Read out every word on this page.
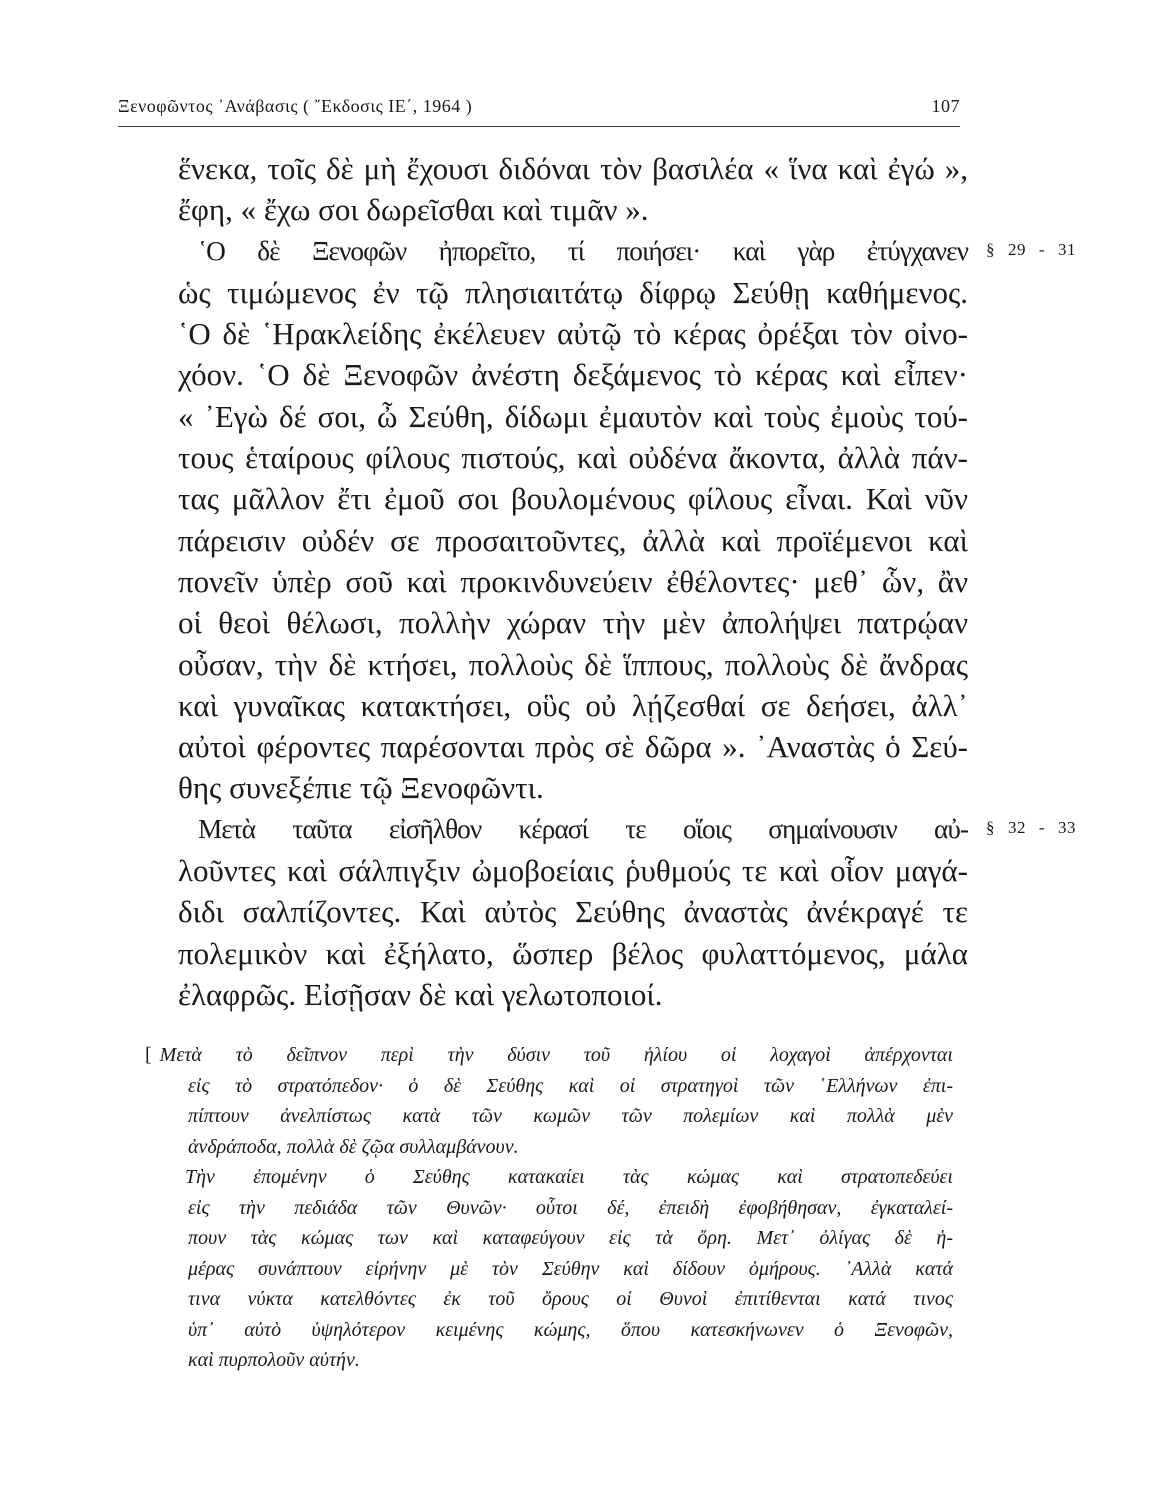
Ξενοφῶντος ᾿Ανάβασις ( ῎Εκδοσις ΙΕ΄, 1964 )	107
ἕνεκα, τοῖς δὲ μὴ ἔχουσι διδόναι τὸν βασιλέα « ἵνα καὶ ἐγώ »,
ἔφη, « ἔχω σοι δωρεῖσθαι καὶ τιμᾶν ».
῾Ο δὲ Ξενοφῶν ἠπορεῖτο, τί ποιήσει· καὶ γὰρ ἐτύγχανεν § 29 - 31
ὡς τιμώμενος ἐν τῷ πλησιαιτάτῳ δίφρῳ Σεύθῃ καθήμενος.
῾Ο δὲ ῾Ηρακλείδης ἐκέλευεν αὐτῷ τὸ κέρας ὀρέξαι τὸν οἰνο-
χόον. ῾Ο δὲ Ξενοφῶν ἀνέστη δεξάμενος τὸ κέρας καὶ εἶπεν·
« ᾿Εγὼ δέ σοι, ὦ Σεύθη, δίδωμι ἐμαυτὸν καὶ τοὺς ἐμοὺς τού-
τους ἑταίρους φίλους πιστούς, καὶ οὐδένα ἄκοντα, ἀλλὰ πάν-
τας μᾶλλον ἔτι ἐμοῦ σοι βουλομένους φίλους εἶναι. Καὶ νῦν
πάρεισιν οὐδέν σε προσαιτοῦντες, ἀλλὰ καὶ προϊέμενοι καὶ
πονεῖν ὑπὲρ σοῦ καὶ προκινδυνεύειν ἐθέλοντες· μεθ᾿ ὧν, ἂν
οἱ θεοὶ θέλωσι, πολλὴν χώραν τὴν μὲν ἀπολήψει πατρῴαν
οὖσαν, τὴν δὲ κτήσει, πολλοὺς δὲ ἵππους, πολλοὺς δὲ ἄνδρας
καὶ γυναῖκας κατακτήσει, οὓς οὐ λῄζεσθαί σε δεήσει, ἀλλ᾿
αὐτοὶ φέροντες παρέσονται πρὸς σὲ δῶρα ». ᾿Αναστὰς ὁ Σεύ-
θης συνεξέπιε τῷ Ξενοφῶντι.
Μετὰ ταῦτα εἰσῆλθον κέρασί τε οἵοις σημαίνουσιν αὐ- § 32 - 33
λοῦντες καὶ σάλπιγξιν ὠμοβοείαις ῥυθμούς τε καὶ οἷον μαγά-
διδι σαλπίζοντες. Καὶ αὐτὸς Σεύθης ἀναστὰς ἀνέκραγέ τε
πολεμικὸν καὶ ἐξήλατο, ὥσπερ βέλος φυλαττόμενος, μάλα
ἐλαφρῶς. Εἰσῇσαν δὲ καὶ γελωτοποιοί.
[ Μετὰ τὸ δεῖπνον περὶ τὴν δύσιν τοῦ ἡλίου οἱ λοχαγοὶ ἀπέρχονται
εἰς τὸ στρατόπεδον· ὁ δὲ Σεύθης καὶ οἱ στρατηγοὶ τῶν ῾Ελλήνων ἐπι-
πίπτουν ἀνελπίστως κατὰ τῶν κωμῶν τῶν πολεμίων καὶ πολλὰ μὲν
ἀνδράποδα, πολλὰ δὲ ζῷα συλλαμβάνουν.
Τὴν ἐπομένην ὁ Σεύθης κατακαίει τὰς κώμας καὶ στρατοπεδεύει
εἰς τὴν πεδιάδα τῶν Θυνῶν· οὗτοι δέ, ἐπειδὴ ἐφοβήθησαν, ἐγκαταλεί-
πουν τὰς κώμας των καὶ καταφεύγουν εἰς τὰ ὄρη. Μετ᾿ ὀλίγας δὲ ἡ-
μέρας συνάπτουν εἰρήνην μὲ τὸν Σεύθην καὶ δίδουν ὁμήρους. ᾿Αλλὰ κατά
τινα νύκτα κατελθόντες ἐκ τοῦ ὄρους οἱ Θυνοὶ ἐπιτίθενται κατά τινος
ὑπ᾿ αὐτὸ ὑψηλότερον κειμένης κώμης, ὅπου κατεσκήνωνεν ὁ Ξενοφῶν,
καὶ πυρπολοῦν αὐτήν.
